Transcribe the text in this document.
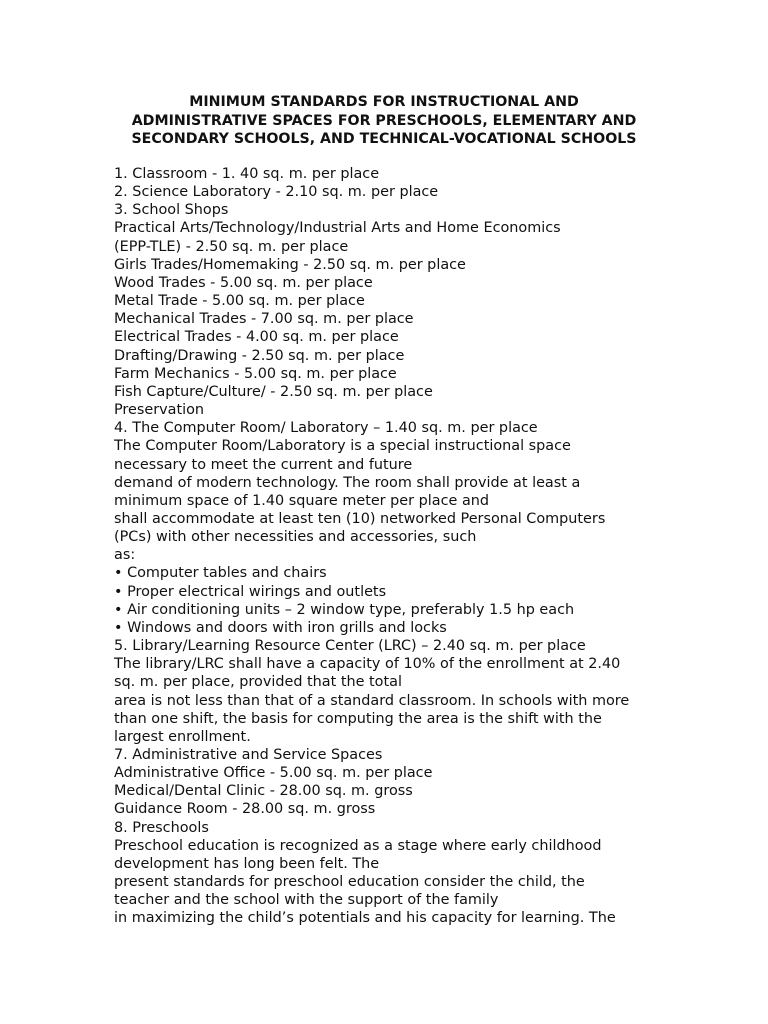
MINIMUM STANDARDS FOR INSTRUCTIONAL AND
ADMINISTRATIVE SPACES FOR PRESCHOOLS, ELEMENTARY AND
SECONDARY SCHOOLS, AND TECHNICAL-VOCATIONAL SCHOOLS

1. Classroom - 1. 40 sq. m. per place

2. Science Laboratory - 2.10 sq. m. per place

3. School Shops

Practical Arts/Technology/Industrial Arts and Home Economics

(EPP-TLE) - 2.50 sq. m. per place

Girls Trades/Homemaking - 2.50 sq. m. per place

Wood Trades - 5.00 sq. m. per place

Metal Trade - 5.00 sq. m. per place

Mechanical Trades - 7.00 sq. m. per place

Electrical Trades - 4.00 sq. m. per place

Drafting/Drawing - 2.50 sq. m. per place

Farm Mechanics - 5.00 sq. m. per place

Fish Capture/Culture/ - 2.50 sq. m. per place

Preservation

4. The Computer Room/ Laboratory – 1.40 sq. m. per place

The Computer Room/Laboratory is a special instructional space

necessary to meet the current and future

demand of modern technology. The room shall provide at least a

minimum space of 1.40 square meter per place and

shall accommodate at least ten (10) networked Personal Computers

(PCs) with other necessities and accessories, such

as:

• Computer tables and chairs

• Proper electrical wirings and outlets

• Air conditioning units – 2 window type, preferably 1.5 hp each

• Windows and doors with iron grills and locks

5. Library/Learning Resource Center (LRC) – 2.40 sq. m. per place

The library/LRC shall have a capacity of 10% of the enrollment at 2.40

sq. m. per place, provided that the total

area is not less than that of a standard classroom. In schools with more

than one shift, the basis for computing the area is the shift with the

largest enrollment.

7. Administrative and Service Spaces

Administrative Office - 5.00 sq. m. per place

Medical/Dental Clinic - 28.00 sq. m. gross

Guidance Room - 28.00 sq. m. gross

8. Preschools

Preschool education is recognized as a stage where early childhood

development has long been felt. The

present standards for preschool education consider the child, the

teacher and the school with the support of the family

in maximizing the child’s potentials and his capacity for learning. The
